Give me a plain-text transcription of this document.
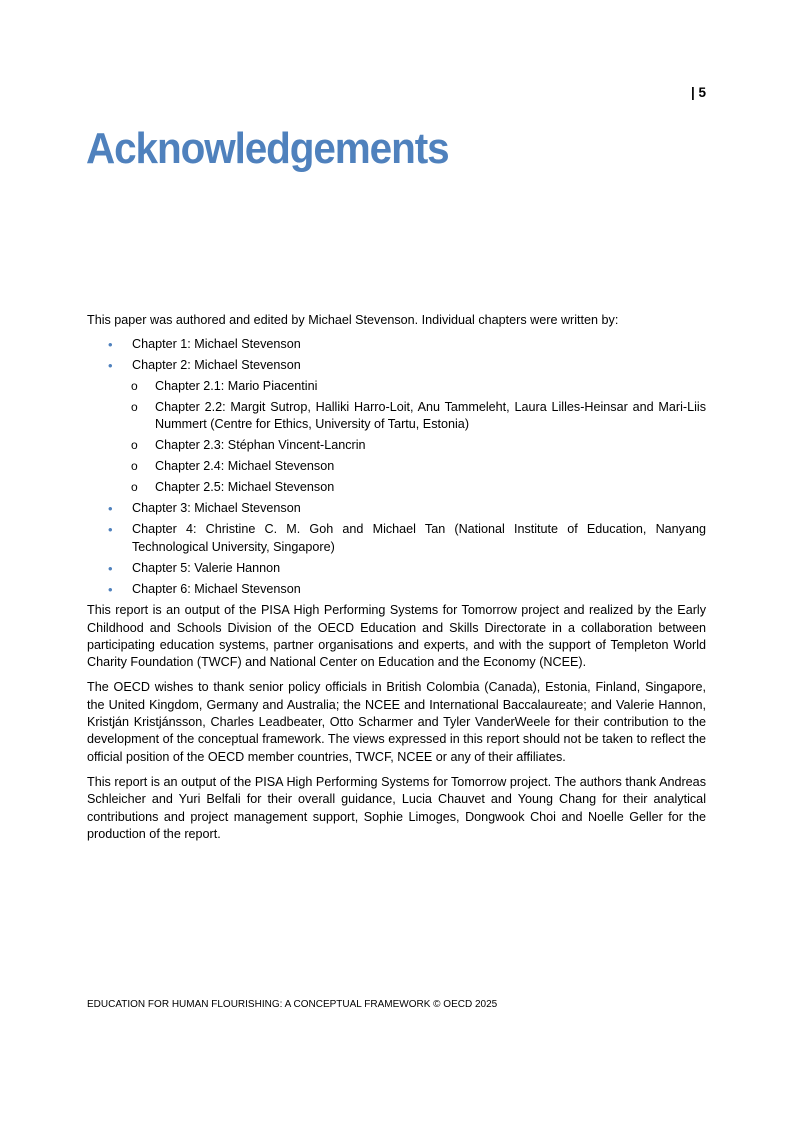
| 5
Acknowledgements

This paper was authored and edited by Michael Stevenson. Individual chapters were written by:

• Chapter 1: Michael Stevenson
• Chapter 2: Michael Stevenson
o Chapter 2.1: Mario Piacentini
o Chapter 2.2: Margit Sutrop, Halliki Harro-Loit, Anu Tammeleht, Laura Lilles-Heinsar and Mari-Liis Nummert (Centre for Ethics, University of Tartu, Estonia)
o Chapter 2.3: Stéphan Vincent-Lancrin
o Chapter 2.4: Michael Stevenson
o Chapter 2.5: Michael Stevenson
• Chapter 3: Michael Stevenson
• Chapter 4: Christine C. M. Goh and Michael Tan (National Institute of Education, Nanyang Technological University, Singapore)
• Chapter 5: Valerie Hannon
• Chapter 6: Michael Stevenson

This report is an output of the PISA High Performing Systems for Tomorrow project and realized by the Early Childhood and Schools Division of the OECD Education and Skills Directorate in a collaboration between participating education systems, partner organisations and experts, and with the support of Templeton World Charity Foundation (TWCF) and National Center on Education and the Economy (NCEE).

The OECD wishes to thank senior policy officials in British Colombia (Canada), Estonia, Finland, Singapore, the United Kingdom, Germany and Australia; the NCEE and International Baccalaureate; and Valerie Hannon, Kristján Kristjánsson, Charles Leadbeater, Otto Scharmer and Tyler VanderWeele for their contribution to the development of the conceptual framework. The views expressed in this report should not be taken to reflect the official position of the OECD member countries, TWCF, NCEE or any of their affiliates.

This report is an output of the PISA High Performing Systems for Tomorrow project. The authors thank Andreas Schleicher and Yuri Belfali for their overall guidance, Lucia Chauvet and Young Chang for their analytical contributions and project management support, Sophie Limoges, Dongwook Choi and Noelle Geller for the production of the report.

EDUCATION FOR HUMAN FLOURISHING: A CONCEPTUAL FRAMEWORK © OECD 2025
